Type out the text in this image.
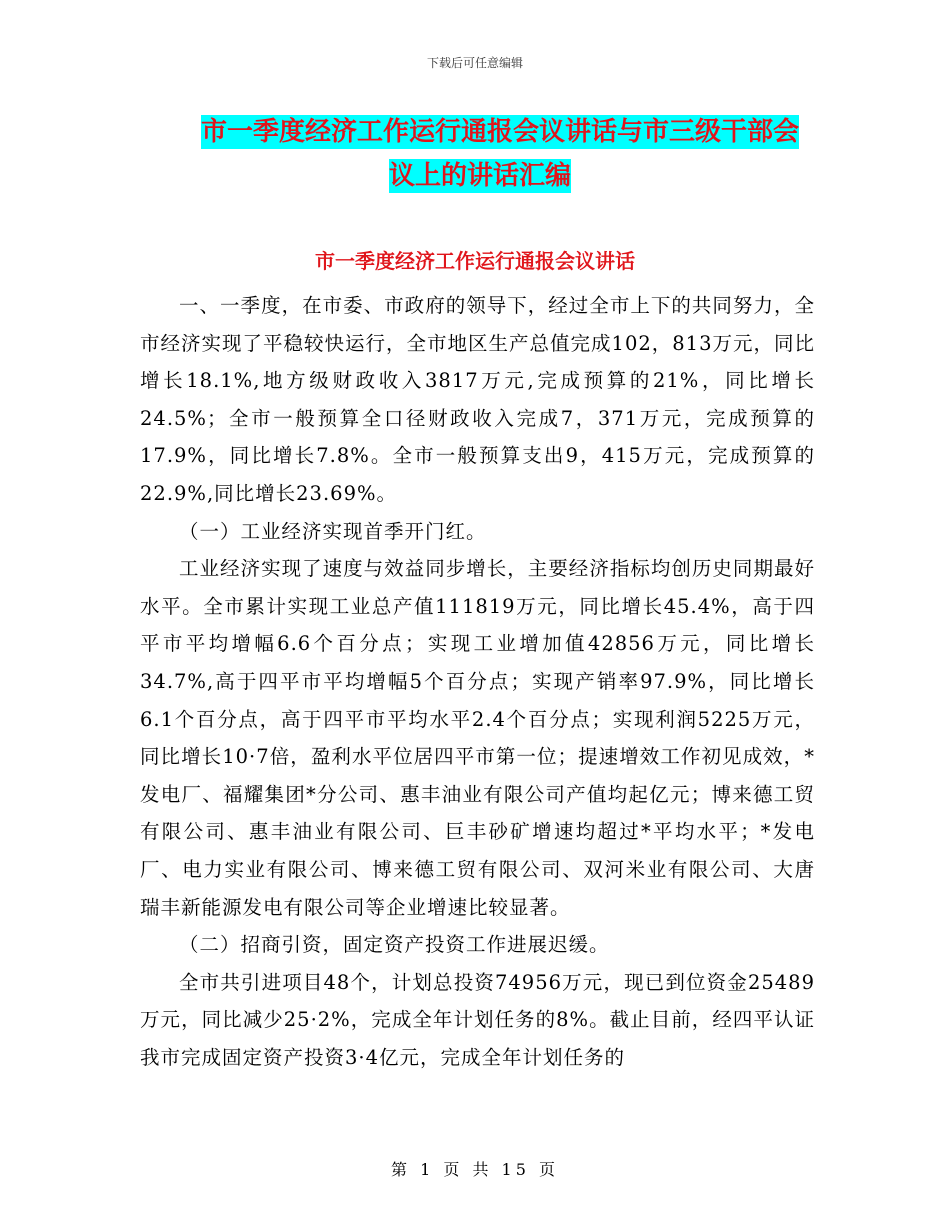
下载后可任意编辑
市一季度经济工作运行通报会议讲话与市三级干部会
议上的讲话汇编
市一季度经济工作运行通报会议讲话

一、一季度，在市委、市政府的领导下，经过全市上下的共同努力，全市经济实现了平稳较快运行，全市地区生产总值完成102，813万元，同比增长18.1%,地方级财政收入3817万元,完成预算的21%，同比增长24.5%；全市一般预算全口径财政收入完成7，371万元，完成预算的17.9%，同比增长7.8%。全市一般预算支出9，415万元，完成预算的22.9%,同比增长23.69%。

（一）工业经济实现首季开门红。

工业经济实现了速度与效益同步增长，主要经济指标均创历史同期最好水平。全市累计实现工业总产值111819万元，同比增长45.4%，高于四平市平均增幅6.6个百分点；实现工业增加值42856万元，同比增长34.7%,高于四平市平均增幅5个百分点；实现产销率97.9%，同比增长6.1个百分点，高于四平市平均水平2.4个百分点；实现利润5225万元，同比增长10·7倍，盈利水平位居四平市第一位；提速增效工作初见成效，*发电厂、福耀集团*分公司、惠丰油业有限公司产值均起亿元；博来德工贸有限公司、惠丰油业有限公司、巨丰砂矿增速均超过*平均水平；*发电厂、电力实业有限公司、博来德工贸有限公司、双河米业有限公司、大唐瑞丰新能源发电有限公司等企业增速比较显著。

（二）招商引资，固定资产投资工作进展迟缓。

全市共引进项目48个，计划总投资74956万元，现已到位资金25489万元，同比减少25·2%，完成全年计划任务的8%。截止目前，经四平认证我市完成固定资产投资3·4亿元，完成全年计划任务的

第 1 页 共 15 页
